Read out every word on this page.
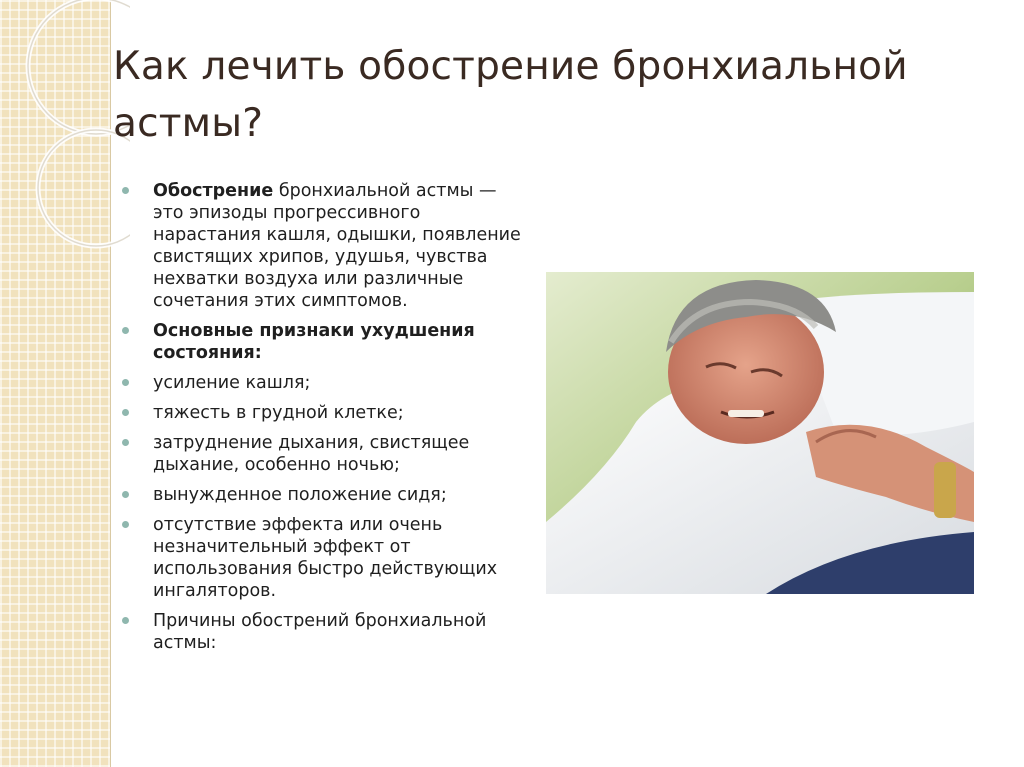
Как лечить обострение бронхиальной астмы?
Обострение бронхиальной астмы — это эпизоды прогрессивного нарастания кашля, одышки, появление свистящих хрипов, удушья, чувства нехватки воздуха или различные сочетания этих симптомов.
Основные признаки ухудшения состояния:
усиление кашля;
тяжесть в грудной клетке;
затруднение дыхания, свистящее дыхание, особенно ночью;
вынужденное положение сидя;
отсутствие эффекта или очень незначительный эффект от использования быстро действующих ингаляторов.
Причины обострений бронхиальной астмы:
